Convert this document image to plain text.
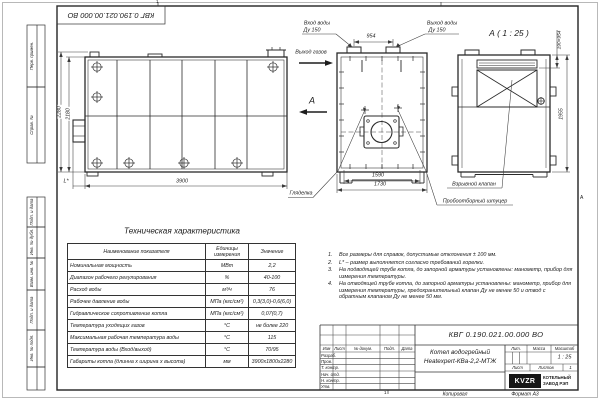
КВГ 0.190.021.00.000 ВО
1
1
А
Перв. примен.
Справ. №
Подп. и дата
Инв. № дубл.
Взам. инв. №
Подп. и дата
Инв. № подл.
2280 2180
3900
L*
Вход воды
Ду 150
Выход воды
Ду 150
954
Выход газов
А
1590
1730
Гляделка
Пробоотборный штуцер
А ( 1 : 25 )	190×954
1955
Взрывной клапан
Техническая характеристика
Наименование показателя	Единицы измерения	Значение
Номинальная мощность	МВт	2,2
Диапазон рабочего регулирования	%	40-100
Расход воды	м³/ч	76
Рабочее давление воды	МПа (кгс/см²)	0,3(3,0)-0,6(6,0)
Гидравлическое сопротивление котла	МПа (кгс/см²)	0,07(0,7)
Температура уходящих газов	°С	не более 220
Максимальная рабочая температура воды	°С	115
Температура воды (Вход/выход)	°С	70/95
Габариты котла (длинна х ширина х высота)	мм	3900х1800х2280
1.	Все размеры для справок, допустимые отклонения ± 100 мм.
2.	L* – размер выполняется согласно требований горелки.
3.	На подводящей трубе котла, до запорной арматуры установлены: манометр, прибор для измерения температуры.
4.	На отводящей трубе котла, до запорной арматуры установлены: манометр, прибор для измерения температуры, предохранительный клапан Ду не менее 50 и отвод с обратным клапаном Ду не менее 50 мм.
КВГ 0.190.021.00.000 ВО
Котел водогрейный
Heatexpert-КВа-2,2-МТЖ
Изм Лист № докум.	Подп. Дата
Разраб.
Пров.
Т. контр.
Нач. отд.
Н. контр.
Утв.
Лит.	Масса Масштаб
1 : 25
Лист	Листов	1
KVZR	КОТЕЛЬНЫЙ
ЗАВОД РЭП
Копировал	Формат А3
